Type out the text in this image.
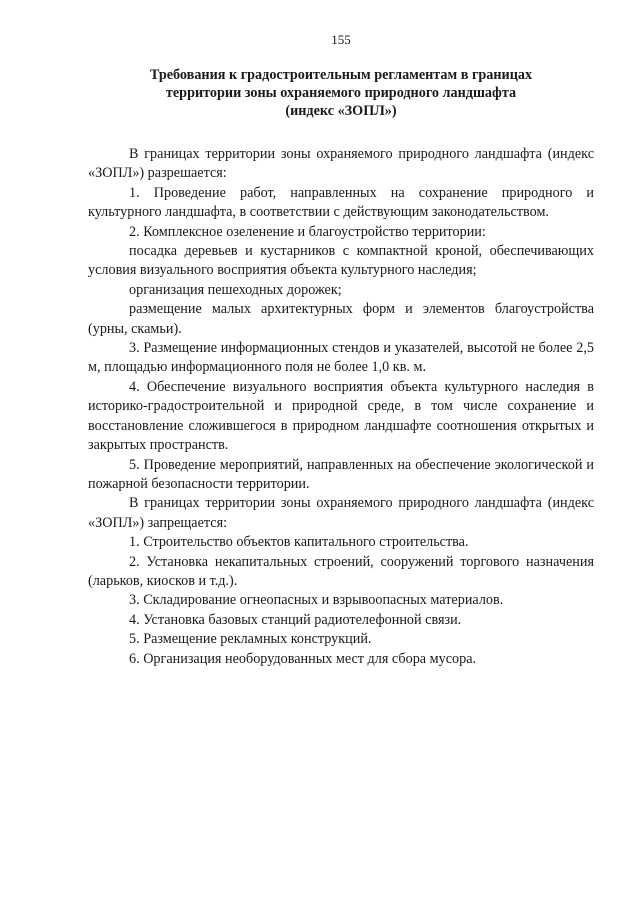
155
Требования к градостроительным регламентам в границах
территории зоны охраняемого природного ландшафта
(индекс «ЗОПЛ»)

В границах территории зоны охраняемого природного ландшафта (индекс «ЗОПЛ») разрешается:

1. Проведение работ, направленных на сохранение природного и культурного ландшафта, в соответствии с действующим законодательством.

2. Комплексное озеленение и благоустройство территории:

посадка деревьев и кустарников с компактной кроной, обеспечивающих условия визуального восприятия объекта культурного наследия;

организация пешеходных дорожек;

размещение малых архитектурных форм и элементов благоустройства (урны, скамьи).

3. Размещение информационных стендов и указателей, высотой не более 2,5 м, площадью информационного поля не более 1,0 кв. м.

4. Обеспечение визуального восприятия объекта культурного наследия в историко-градостроительной и природной среде, в том числе сохранение и восстановление сложившегося в природном ландшафте соотношения открытых и закрытых пространств.

5. Проведение мероприятий, направленных на обеспечение экологической и пожарной безопасности территории.

В границах территории зоны охраняемого природного ландшафта (индекс «ЗОПЛ») запрещается:

1. Строительство объектов капитального строительства.

2. Установка некапитальных строений, сооружений торгового назначения (ларьков, киосков и т.д.).

3. Складирование огнеопасных и взрывоопасных материалов.

4. Установка базовых станций радиотелефонной связи.

5. Размещение рекламных конструкций.

6. Организация необорудованных мест для сбора мусора.
